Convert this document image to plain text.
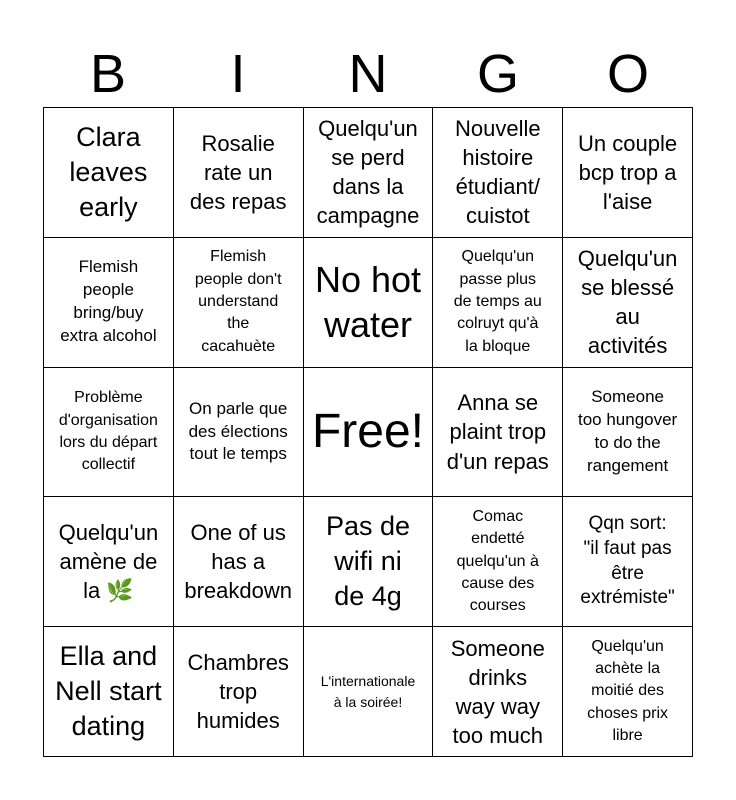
B	I	N	G	O
Clara
leaves
early
Rosalie
rate un
des repas
Quelqu'un
se perd
dans la
campagne
Nouvelle
histoire
étudiant/
cuistot
Un couple
bcp trop a
l'aise
Flemish
people
bring/buy
extra alcohol
Flemish
people don't
understand
the
cacahuète
No hot
water
Quelqu'un
passe plus
de temps au
colruyt qu'à
la bloque
Quelqu'un
se blessé
au
activités
Problème
d'organisation
lors du départ
collectif
On parle que
des élections
tout le temps Free!
Anna se
plaint trop
d'un repas
Someone
too hungover
to do the
rangement
Quelqu'un
amène de
la 🌿
One of us
has a
breakdown
Pas de
wifi ni
de 4g
Comac
endetté
quelqu'un à
cause des
courses
Qqn sort:
"il faut pas
être
extrémiste"
Ella and
Nell start
dating
Chambres
trop
humides
L'internationale
à la soirée!
Someone
drinks
way way
too much
Quelqu'un
achète la
moitié des
choses prix
libre
